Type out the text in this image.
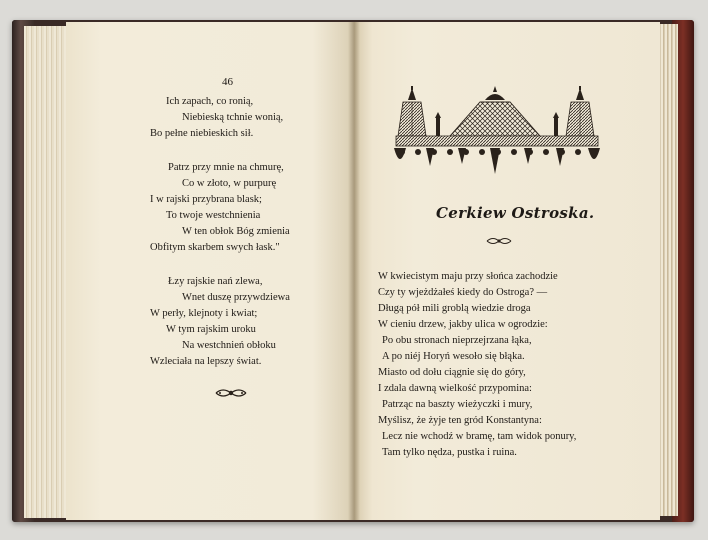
46
Ich zapach, co ronią,
Niebieską tchnie wonią,
Bo pełne niebieskich sił.
Patrz przy mnie na chmurę,
Co w złoto, w purpurę
I w rajski przybrana blask;
To twoje westchnienia
W ten obłok Bóg zmienia
Obfitym skarbem swych łask."
Łzy rajskie nań zlewa,
Wnet duszę przywdziewa
W perły, klejnoty i kwiat;
W tym rajskim uroku
Na westchnień obłoku
Wzleciała na lepszy świat.
Cerkiew Ostroska.
W kwiecistym maju przy słońca zachodzie
Czy ty wjeżdżałeś kiedy do Ostroga? —
Długą pół mili groblą wiedzie droga
W cieniu drzew, jakby ulica w ogrodzie:
Po obu stronach nieprzejrzana łąka,
A po niéj Horyń wesoło się błąka.
Miasto od dołu ciągnie się do góry,
I zdala dawną wielkość przypomina:
Patrząc na baszty wieżyczki i mury,
Myślisz, że żyje ten gród Konstantyna:
Lecz nie wchodź w bramę, tam widok ponury,
Tam tylko nędza, pustka i ruina.
